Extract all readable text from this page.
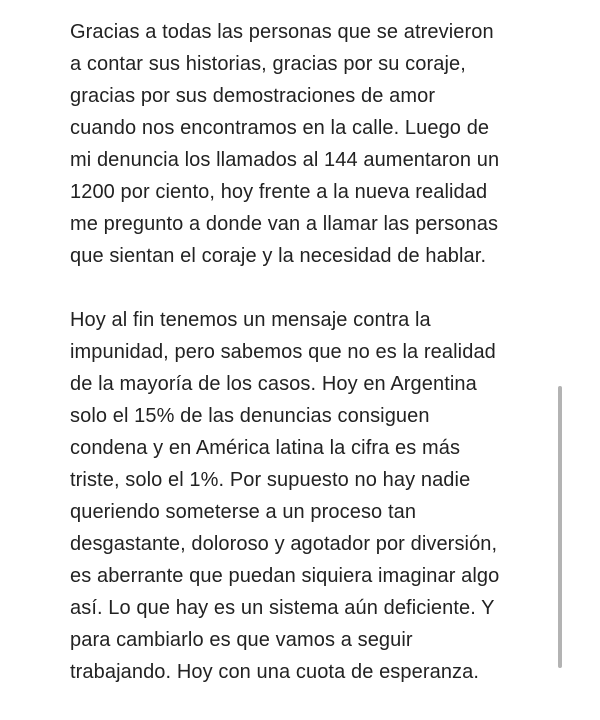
Gracias a todas las personas que se atrevieron
a contar sus historias, gracias por su coraje,
gracias por sus demostraciones de amor
cuando nos encontramos en la calle. Luego de
mi denuncia los llamados al 144 aumentaron un
1200 por ciento, hoy frente a la nueva realidad
me pregunto a donde van a llamar las personas
que sientan el coraje y la necesidad de hablar.

Hoy al fin tenemos un mensaje contra la
impunidad, pero sabemos que no es la realidad
de la mayoría de los casos. Hoy en Argentina
solo el 15% de las denuncias consiguen
condena y en América latina la cifra es más
triste, solo el 1%. Por supuesto no hay nadie
queriendo someterse a un proceso tan
desgastante, doloroso y agotador por diversión,
es aberrante que puedan siquiera imaginar algo
así. Lo que hay es un sistema aún deficiente. Y
para cambiarlo es que vamos a seguir
trabajando. Hoy con una cuota de esperanza.
